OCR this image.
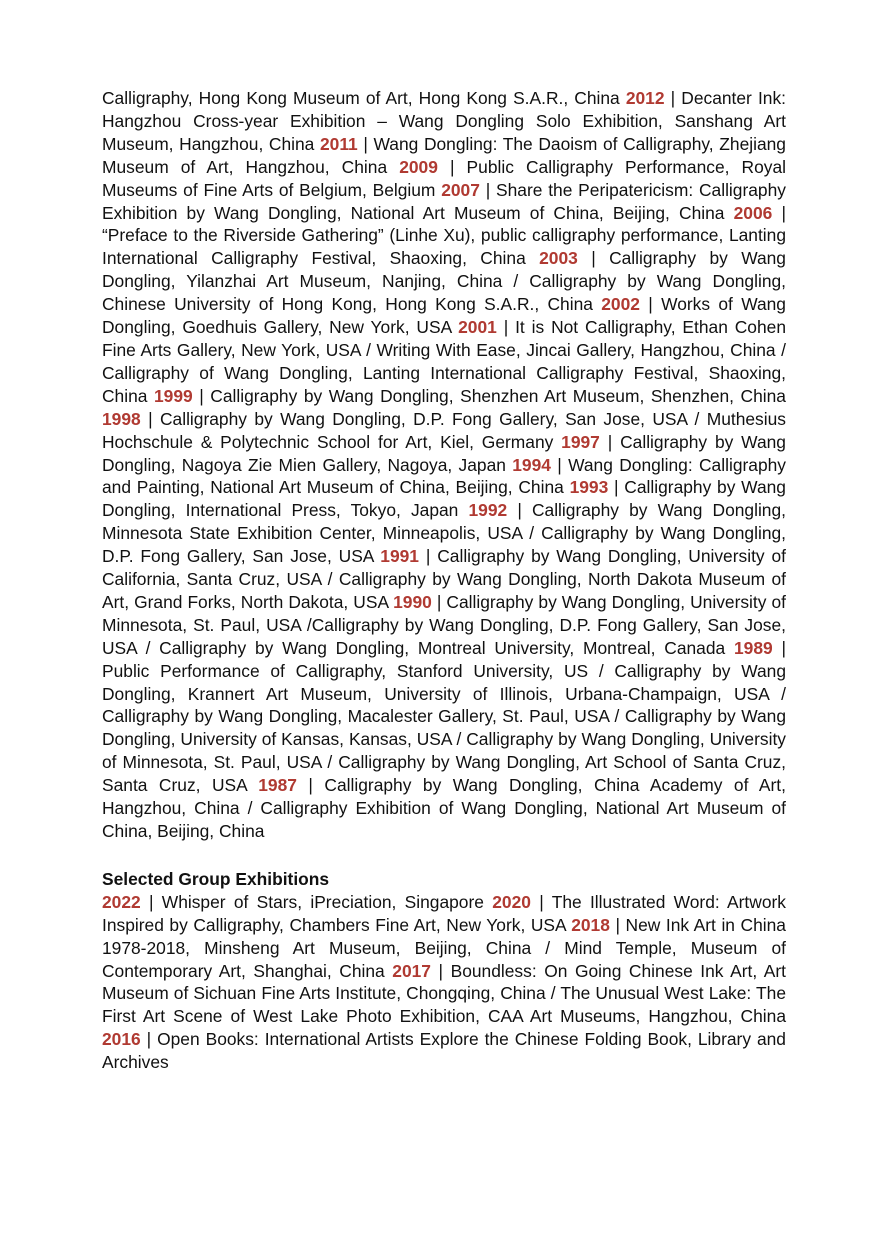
Calligraphy, Hong Kong Museum of Art, Hong Kong S.A.R., China 2012 | Decanter Ink: Hangzhou Cross-year Exhibition – Wang Dongling Solo Exhibition, Sanshang Art Museum, Hangzhou, China 2011 | Wang Dongling: The Daoism of Calligraphy, Zhejiang Museum of Art, Hangzhou, China 2009 | Public Calligraphy Performance, Royal Museums of Fine Arts of Belgium, Belgium 2007 | Share the Peripatericism: Calligraphy Exhibition by Wang Dongling, National Art Museum of China, Beijing, China 2006 | “Preface to the Riverside Gathering” (Linhe Xu), public calligraphy performance, Lanting International Calligraphy Festival, Shaoxing, China 2003 | Calligraphy by Wang Dongling, Yilanzhai Art Museum, Nanjing, China / Calligraphy by Wang Dongling, Chinese University of Hong Kong, Hong Kong S.A.R., China 2002 | Works of Wang Dongling, Goedhuis Gallery, New York, USA 2001 | It is Not Calligraphy, Ethan Cohen Fine Arts Gallery, New York, USA / Writing With Ease, Jincai Gallery, Hangzhou, China / Calligraphy of Wang Dongling, Lanting International Calligraphy Festival, Shaoxing, China 1999 | Calligraphy by Wang Dongling, Shenzhen Art Museum, Shenzhen, China 1998 | Calligraphy by Wang Dongling, D.P. Fong Gallery, San Jose, USA / Muthesius Hochschule & Polytechnic School for Art, Kiel, Germany 1997 | Calligraphy by Wang Dongling, Nagoya Zie Mien Gallery, Nagoya, Japan 1994 | Wang Dongling: Calligraphy and Painting, National Art Museum of China, Beijing, China 1993 | Calligraphy by Wang Dongling, International Press, Tokyo, Japan 1992 | Calligraphy by Wang Dongling, Minnesota State Exhibition Center, Minneapolis, USA / Calligraphy by Wang Dongling, D.P. Fong Gallery, San Jose, USA 1991 | Calligraphy by Wang Dongling, University of California, Santa Cruz, USA / Calligraphy by Wang Dongling, North Dakota Museum of Art, Grand Forks, North Dakota, USA 1990 | Calligraphy by Wang Dongling, University of Minnesota, St. Paul, USA /Calligraphy by Wang Dongling, D.P. Fong Gallery, San Jose, USA / Calligraphy by Wang Dongling, Montreal University, Montreal, Canada 1989 | Public Performance of Calligraphy, Stanford University, US / Calligraphy by Wang Dongling, Krannert Art Museum, University of Illinois, Urbana-Champaign, USA / Calligraphy by Wang Dongling, Macalester Gallery, St. Paul, USA / Calligraphy by Wang Dongling, University of Kansas, Kansas, USA / Calligraphy by Wang Dongling, University of Minnesota, St. Paul, USA / Calligraphy by Wang Dongling, Art School of Santa Cruz, Santa Cruz, USA 1987 | Calligraphy by Wang Dongling, China Academy of Art, Hangzhou, China / Calligraphy Exhibition of Wang Dongling, National Art Museum of China, Beijing, China

Selected Group Exhibitions

2022 | Whisper of Stars, iPreciation, Singapore 2020 | The Illustrated Word: Artwork Inspired by Calligraphy, Chambers Fine Art, New York, USA 2018 | New Ink Art in China 1978-2018, Minsheng Art Museum, Beijing, China / Mind Temple, Museum of Contemporary Art, Shanghai, China 2017 | Boundless: On Going Chinese Ink Art, Art Museum of Sichuan Fine Arts Institute, Chongqing, China / The Unusual West Lake: The First Art Scene of West Lake Photo Exhibition, CAA Art Museums, Hangzhou, China 2016 | Open Books: International Artists Explore the Chinese Folding Book, Library and Archives
